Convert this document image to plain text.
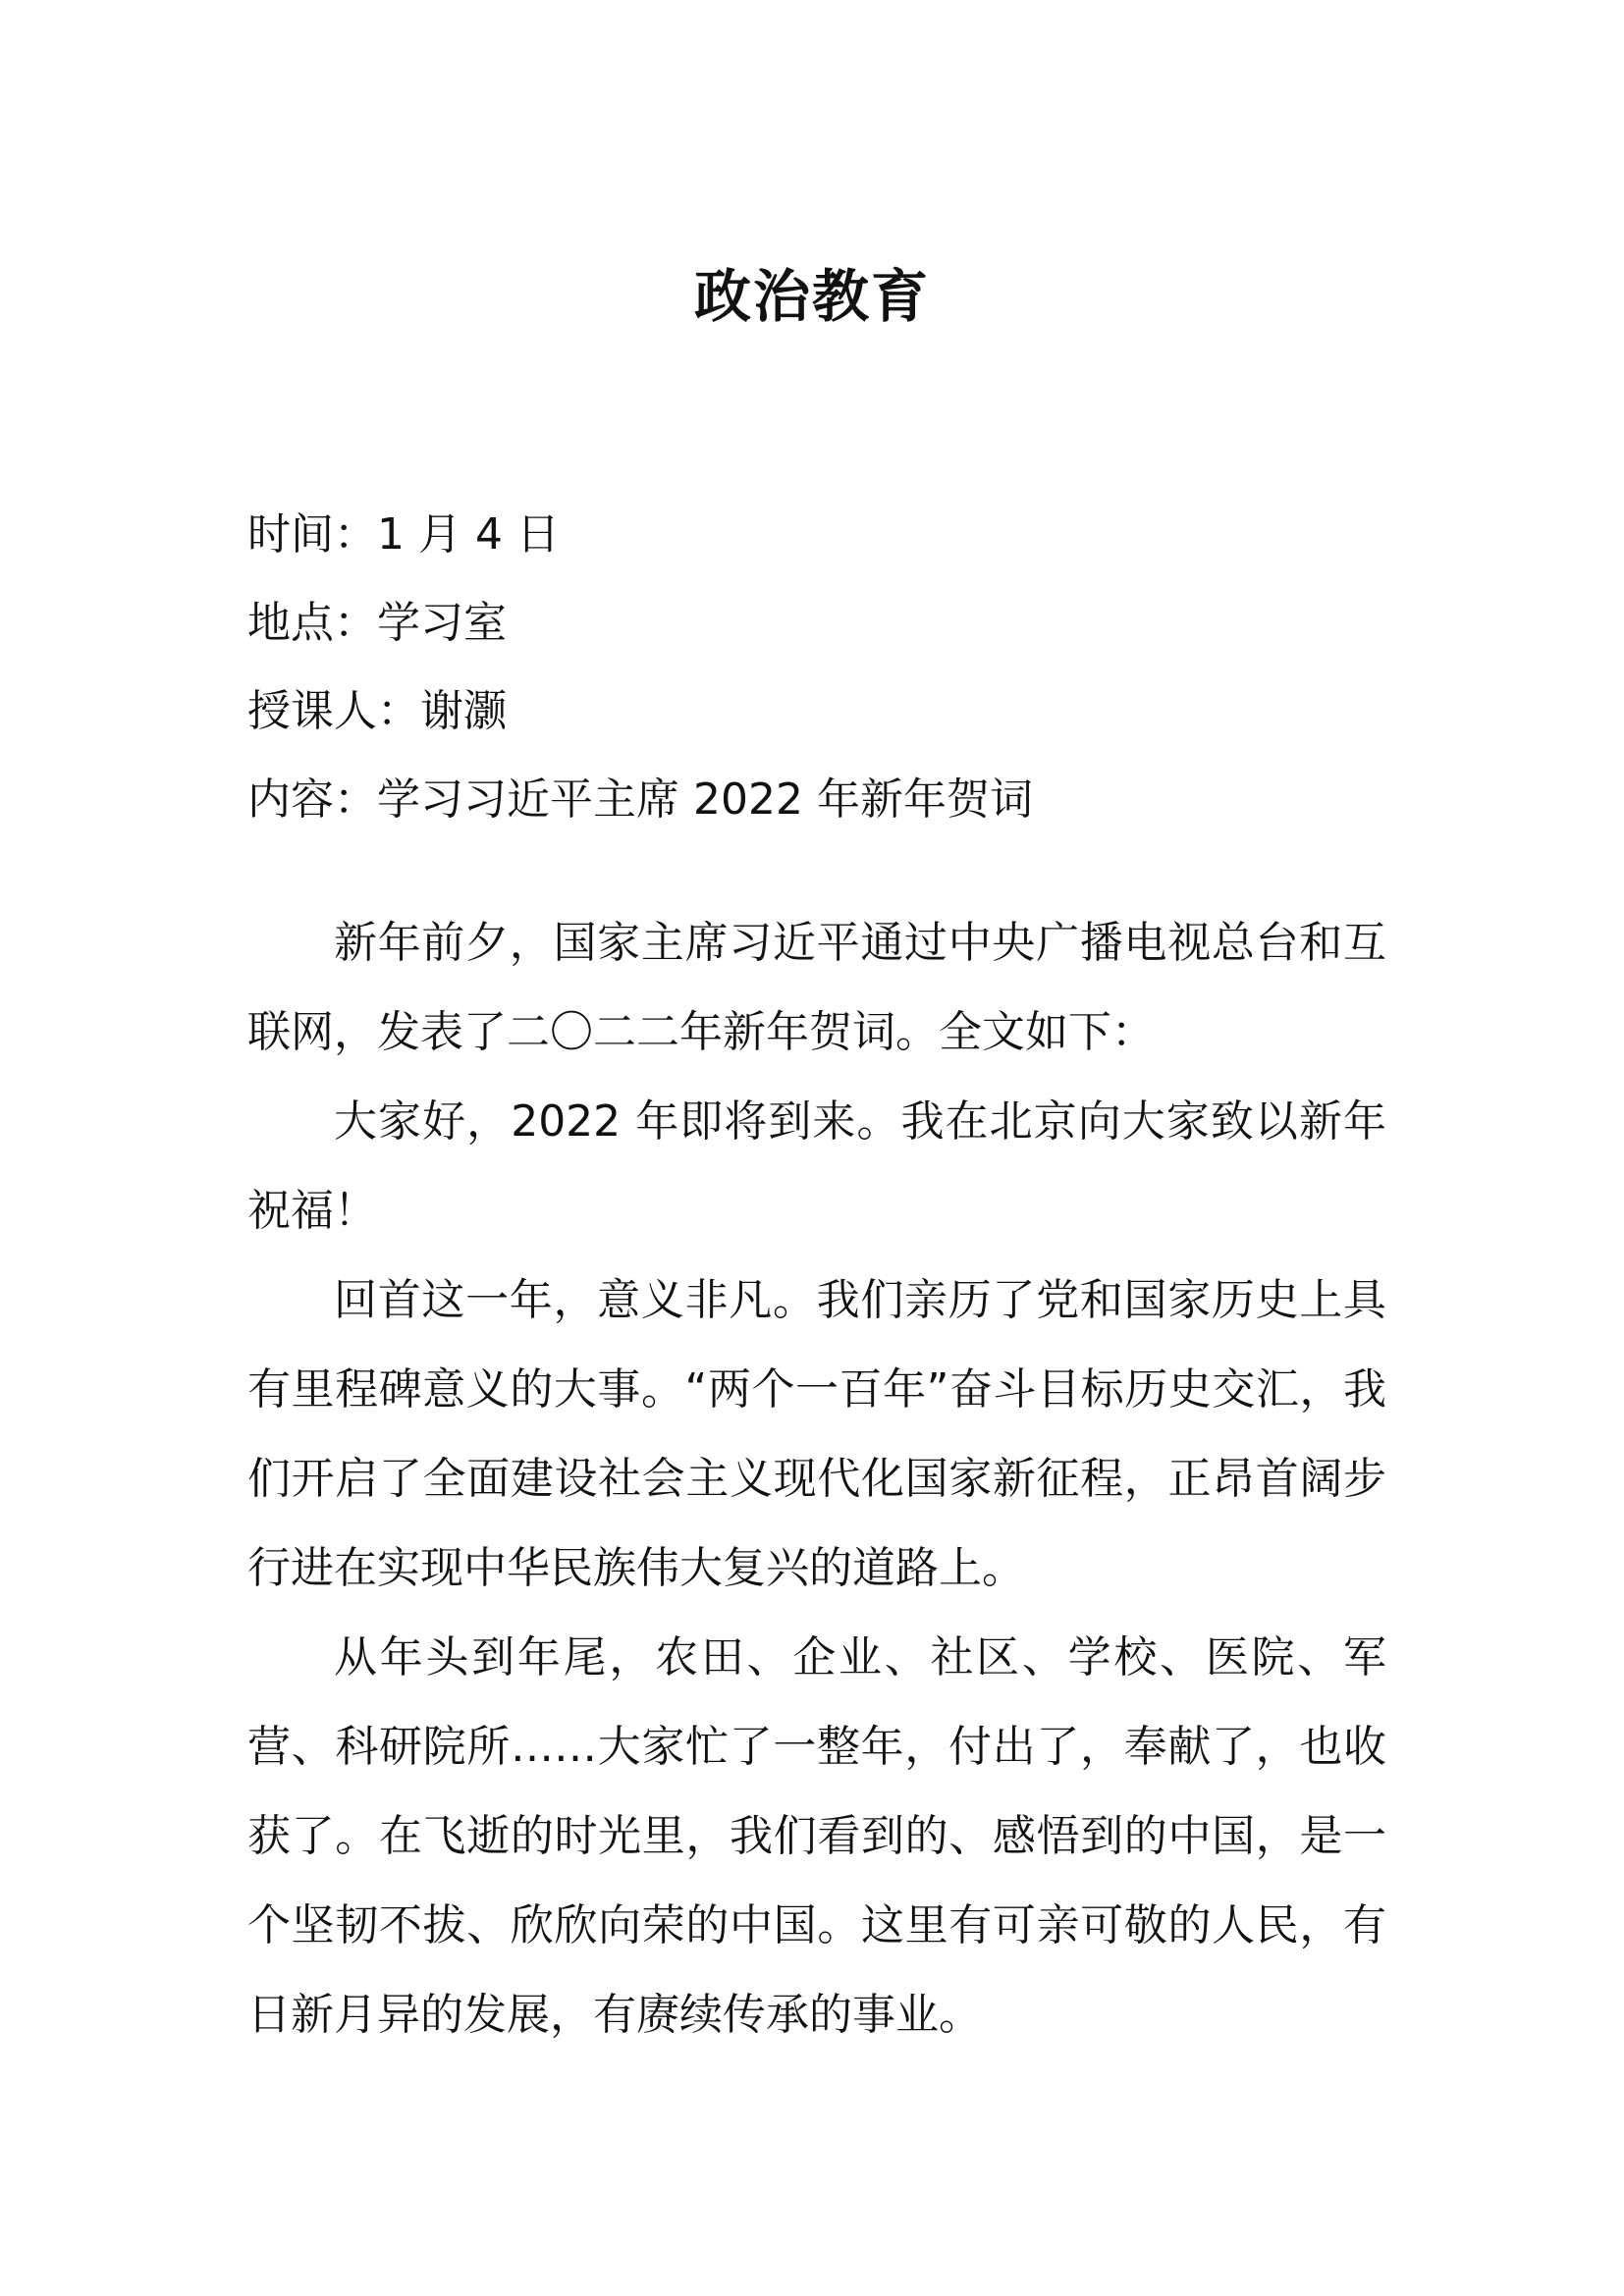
政治教育
时间：1 月 4 日
地点：学习室
授课人：谢灏
内容：学习习近平主席 2022 年新年贺词

新年前夕，国家主席习近平通过中央广播电视总台和互联网，发表了二〇二二年新年贺词。全文如下：

大家好，2022 年即将到来。我在北京向大家致以新年祝福！

回首这一年，意义非凡。我们亲历了党和国家历史上具有里程碑意义的大事。“两个一百年”奋斗目标历史交汇，我们开启了全面建设社会主义现代化国家新征程，正昂首阔步行进在实现中华民族伟大复兴的道路上。

从年头到年尾，农田、企业、社区、学校、医院、军营、科研院所……大家忙了一整年，付出了，奉献了，也收获了。在飞逝的时光里，我们看到的、感悟到的中国，是一个坚韧不拔、欣欣向荣的中国。这里有可亲可敬的人民，有日新月异的发展，有赓续传承的事业。
